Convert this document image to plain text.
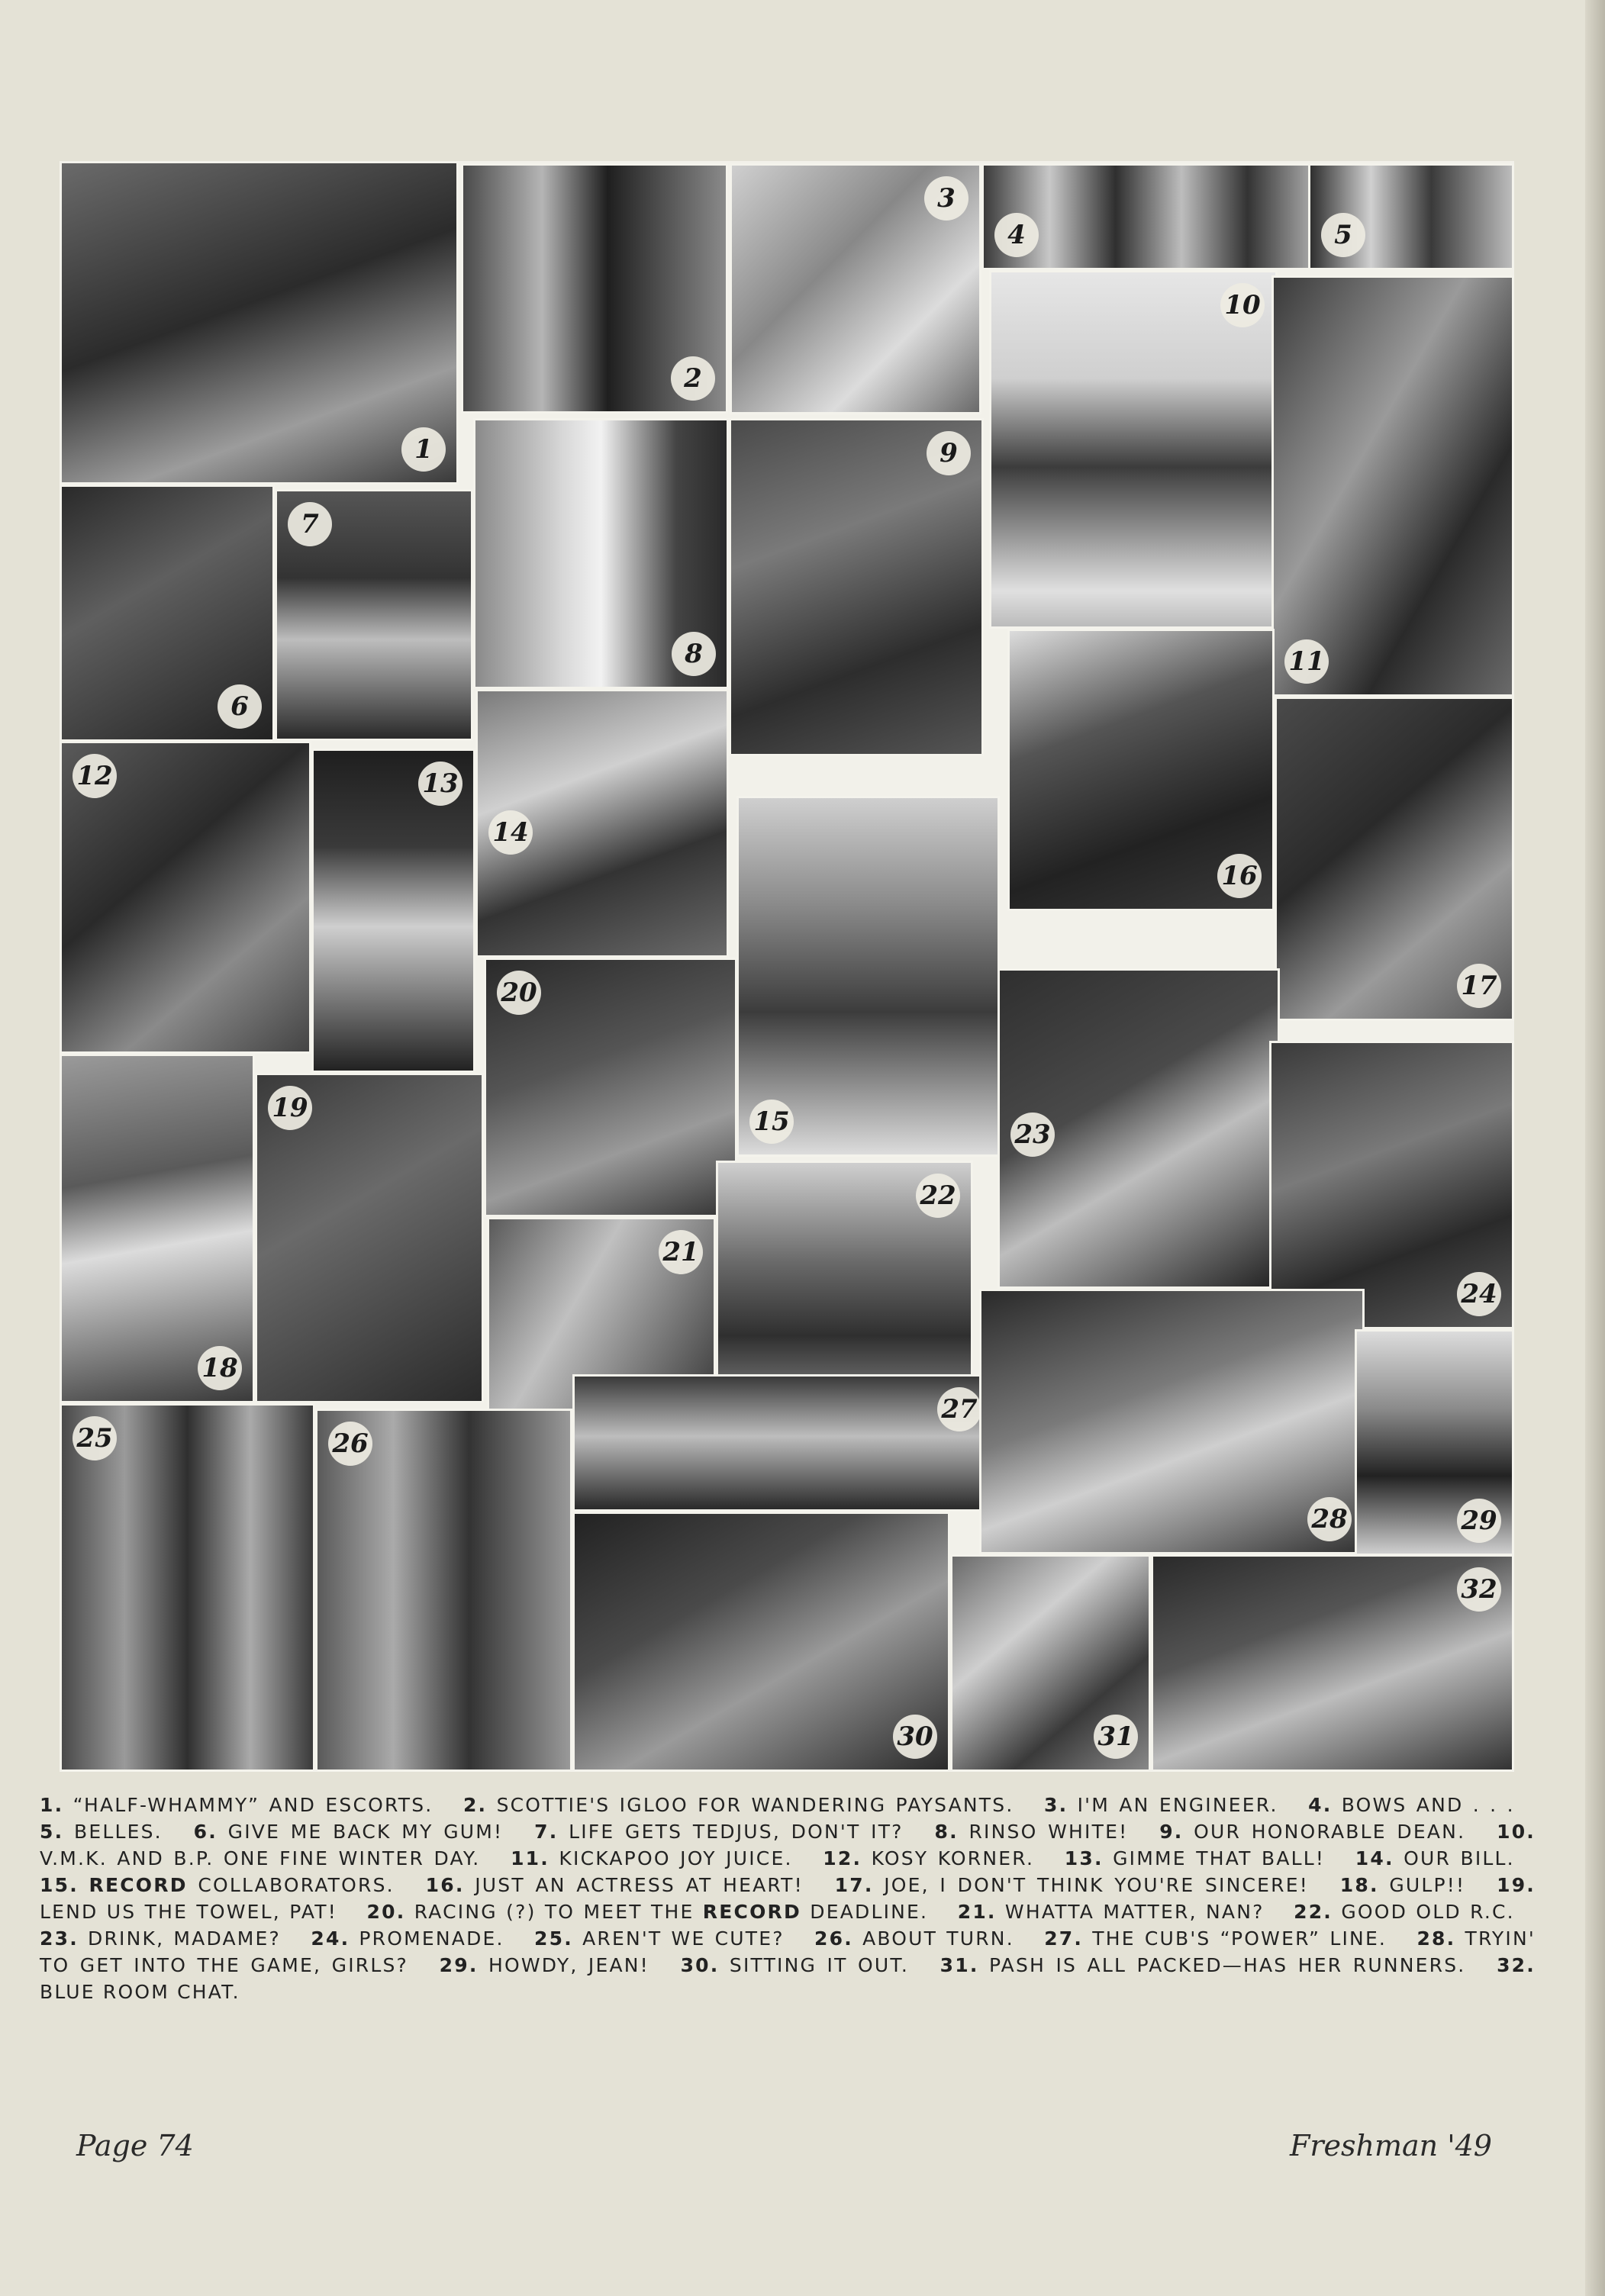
1
2
3
4	5
6
7
8
9
10
11
12	13
14
15
16
17
18
19
20
21
22
23
24
25	26
27
28	29
30	31
32
1. “HALF-WHAMMY” AND ESCORTS.  2. SCOTTIE'S IGLOO FOR WANDERING PAYSANTS.  3. I'M AN ENGINEER.  4. BOWS AND . . .  5. BELLES.  6. GIVE ME BACK MY GUM!  7. LIFE GETS TEDJUS, DON'T IT?  8. RINSO WHITE!  9. OUR HONORABLE DEAN.  10. V.M.K. AND B.P. ONE FINE WINTER DAY.  11. KICKAPOO JOY JUICE.  12. KOSY KORNER.  13. GIMME THAT BALL!  14. OUR BILL.  15. RECORD COLLABORATORS.  16. JUST AN ACTRESS AT HEART!  17. JOE, I DON'T THINK YOU'RE SINCERE!  18. GULP!!  19. LEND US THE TOWEL, PAT!  20. RACING (?) TO MEET THE RECORD DEADLINE.  21. WHATTA MATTER, NAN?  22. GOOD OLD R.C.  23. DRINK, MADAME?  24. PROMENADE.  25. AREN'T WE CUTE?  26. ABOUT TURN.  27. THE CUB'S “POWER” LINE.  28. TRYIN' TO GET INTO THE GAME, GIRLS?  29. HOWDY, JEAN!  30. SITTING IT OUT.  31. PASH IS ALL PACKED—HAS HER RUNNERS.  32. BLUE ROOM CHAT. 
Page 74	Freshman '49
